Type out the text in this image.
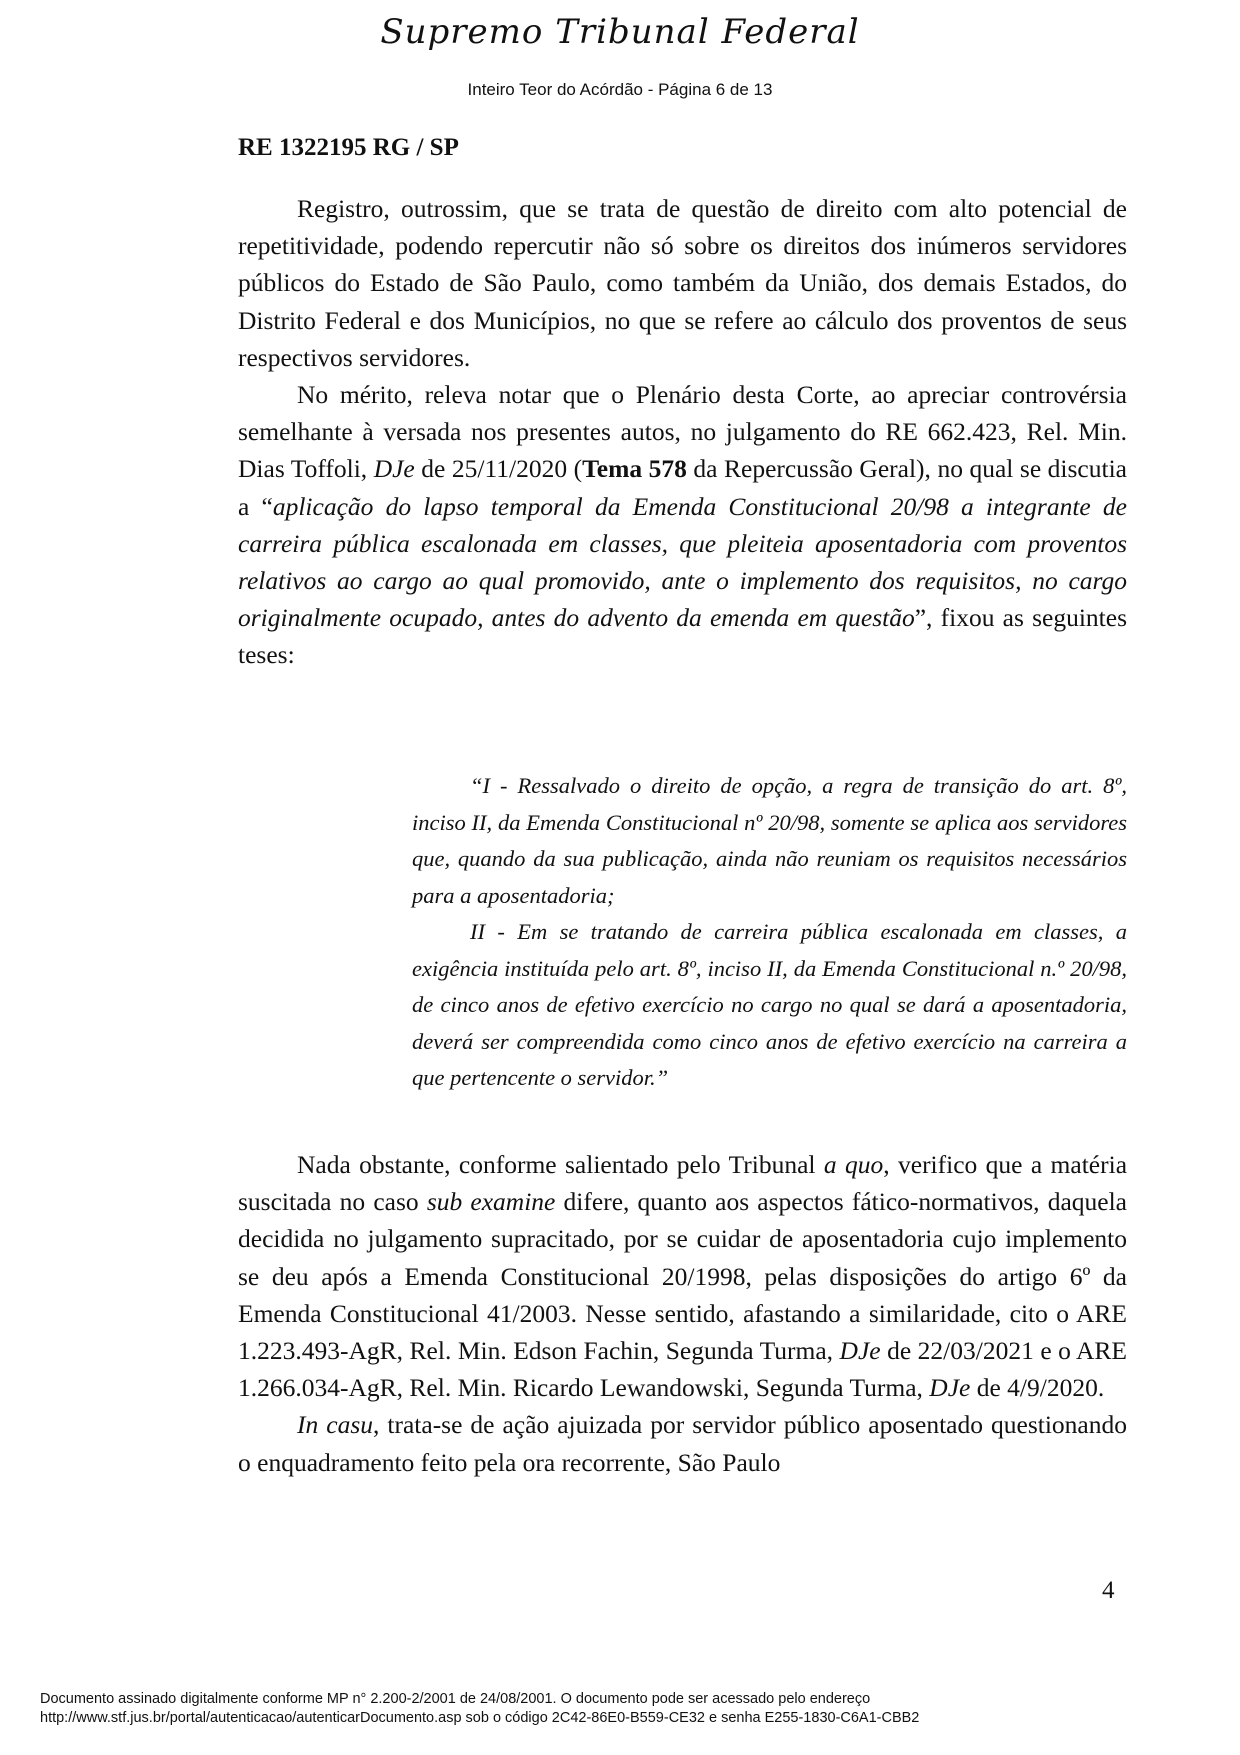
Supremo Tribunal Federal
Inteiro Teor do Acórdão - Página 6 de 13
RE 1322195 RG / SP

Registro, outrossim, que se trata de questão de direito com alto potencial de repetitividade, podendo repercutir não só sobre os direitos dos inúmeros servidores públicos do Estado de São Paulo, como também da União, dos demais Estados, do Distrito Federal e dos Municípios, no que se refere ao cálculo dos proventos de seus respectivos servidores.

No mérito, releva notar que o Plenário desta Corte, ao apreciar controvérsia semelhante à versada nos presentes autos, no julgamento do RE 662.423, Rel. Min. Dias Toffoli, DJe de 25/11/2020 (Tema 578 da Repercussão Geral), no qual se discutia a “aplicação do lapso temporal da Emenda Constitucional 20/98 a integrante de carreira pública escalonada em classes, que pleiteia aposentadoria com proventos relativos ao cargo ao qual promovido, ante o implemento dos requisitos, no cargo originalmente ocupado, antes do advento da emenda em questão”, fixou as seguintes teses:

“I - Ressalvado o direito de opção, a regra de transição do art. 8º, inciso II, da Emenda Constitucional nº 20/98, somente se aplica aos servidores que, quando da sua publicação, ainda não reuniam os requisitos necessários para a aposentadoria;

II - Em se tratando de carreira pública escalonada em classes, a exigência instituída pelo art. 8º, inciso II, da Emenda Constitucional n.º 20/98, de cinco anos de efetivo exercício no cargo no qual se dará a aposentadoria, deverá ser compreendida como cinco anos de efetivo exercício na carreira a que pertencente o servidor.”

Nada obstante, conforme salientado pelo Tribunal a quo, verifico que a matéria suscitada no caso sub examine difere, quanto aos aspectos fático-normativos, daquela decidida no julgamento supracitado, por se cuidar de aposentadoria cujo implemento se deu após a Emenda Constitucional 20/1998, pelas disposições do artigo 6º da Emenda Constitucional 41/2003. Nesse sentido, afastando a similaridade, cito o ARE 1.223.493-AgR, Rel. Min. Edson Fachin, Segunda Turma, DJe de 22/03/2021 e o ARE 1.266.034-AgR, Rel. Min. Ricardo Lewandowski, Segunda Turma, DJe de 4/9/2020.

In casu, trata-se de ação ajuizada por servidor público aposentado questionando o enquadramento feito pela ora recorrente, São Paulo

4
Documento assinado digitalmente conforme MP n° 2.200-2/2001 de 24/08/2001. O documento pode ser acessado pelo endereço
http://www.stf.jus.br/portal/autenticacao/autenticarDocumento.asp sob o código 2C42-86E0-B559-CE32 e senha E255-1830-C6A1-CBB2
